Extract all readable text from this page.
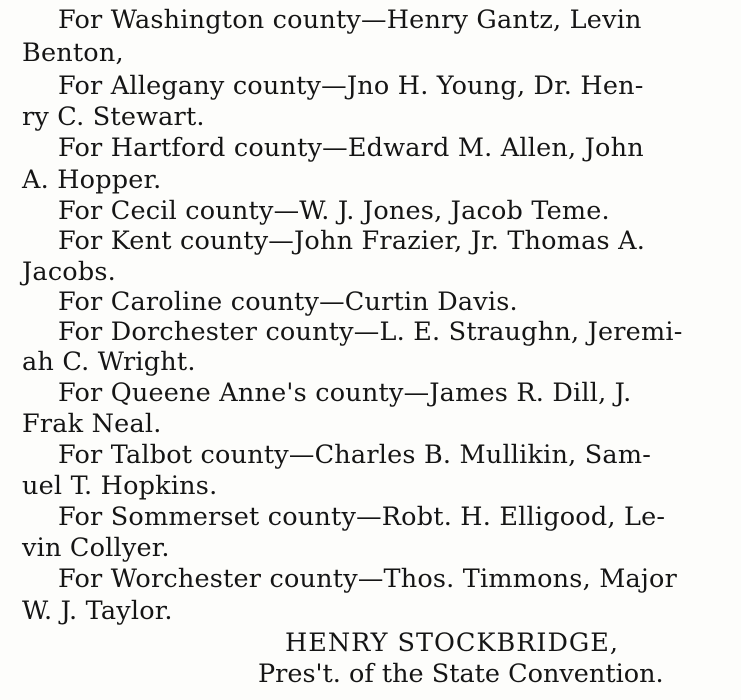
For Washington county—Henry Gantz, Levin
Benton,
For Allegany county—Jno H. Young, Dr. Hen-
ry C. Stewart.
For Hartford county—Edward M. Allen, John
A. Hopper.
For Cecil county—W. J. Jones, Jacob Teme.
For Kent county—John Frazier, Jr. Thomas A.
Jacobs.
For Caroline county—Curtin Davis.
For Dorchester county—L. E. Straughn, Jeremi-
ah C. Wright.
For Queene Anne's county—James R. Dill, J.
Frak Neal.
For Talbot county—Charles B. Mullikin, Sam-
uel T. Hopkins.
For Sommerset county—Robt. H. Elligood, Le-
vin Collyer.
For Worchester county—Thos. Timmons, Major
W. J. Taylor.
HENRY STOCKBRIDGE,
Pres't. of the State Convention.
